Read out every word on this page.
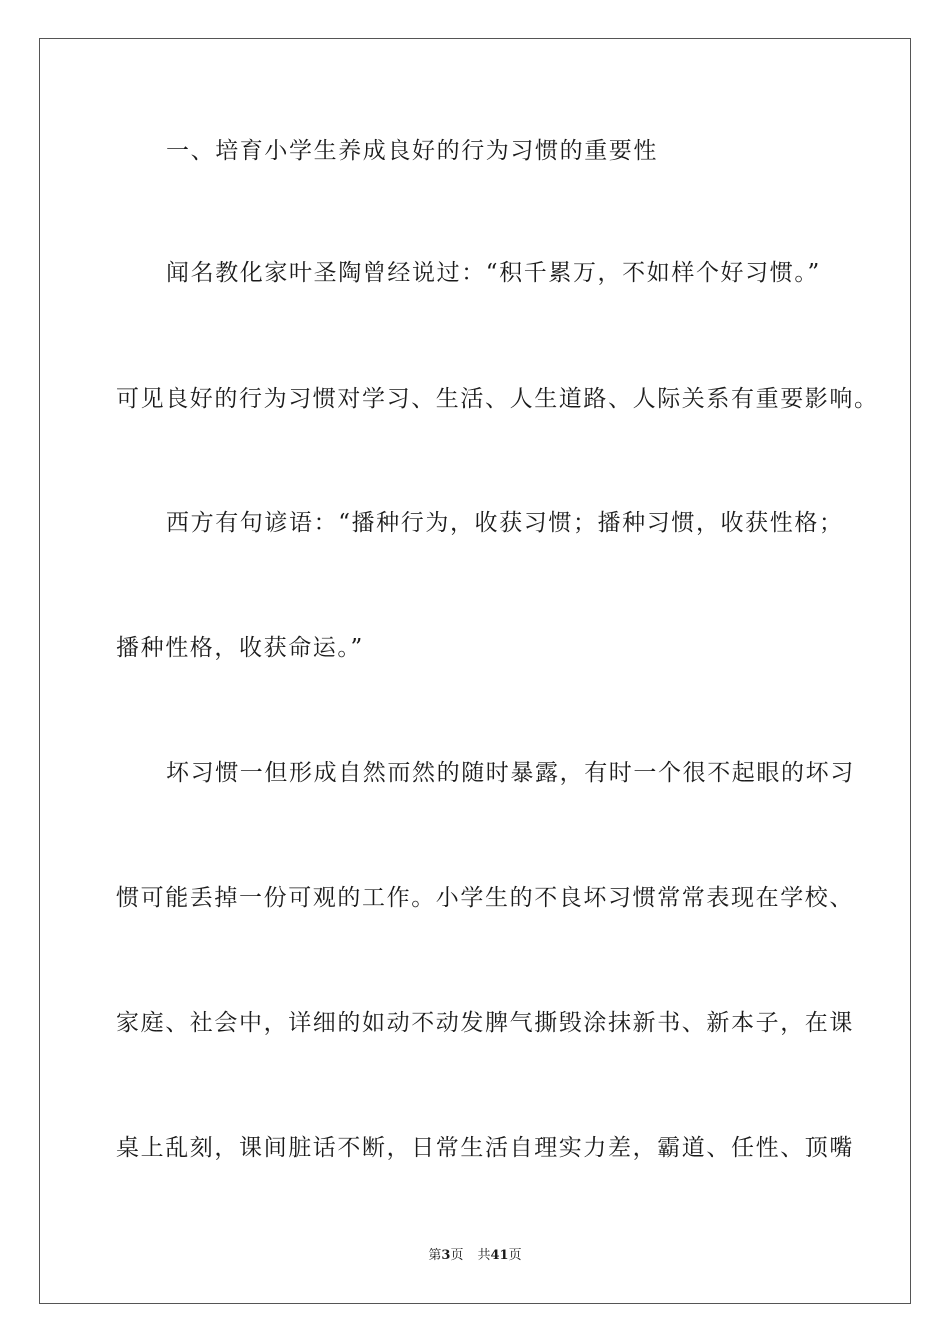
一、培育小学生养成良好的行为习惯的重要性
闻名教化家叶圣陶曾经说过：“积千累万，不如样个好习惯。”
可见良好的行为习惯对学习、生活、人生道路、人际关系有重要影响。
西方有句谚语：“播种行为，收获习惯；播种习惯，收获性格；
播种性格，收获命运。”
坏习惯一但形成自然而然的随时暴露，有时一个很不起眼的坏习
惯可能丢掉一份可观的工作。小学生的不良坏习惯常常表现在学校、
家庭、社会中，详细的如动不动发脾气撕毁涂抹新书、新本子，在课
桌上乱刻，课间脏话不断，日常生活自理实力差，霸道、任性、顶嘴
第3页 共41页
